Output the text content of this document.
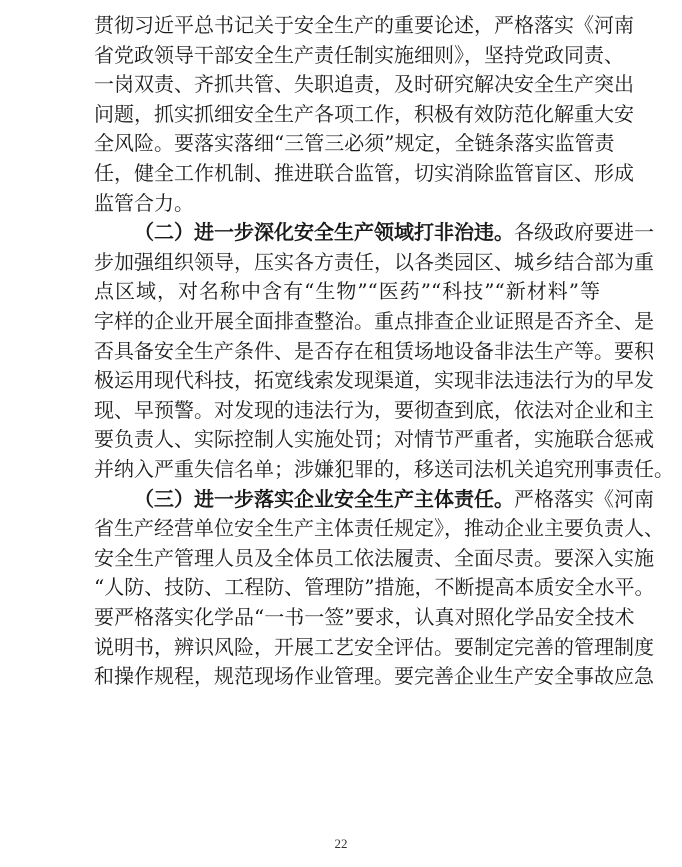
贯彻习近平总书记关于安全生产的重要论述，严格落实《河南
省党政领导干部安全生产责任制实施细则》，坚持党政同责、
一岗双责、齐抓共管、失职追责，及时研究解决安全生产突出
问题，抓实抓细安全生产各项工作，积极有效防范化解重大安
全风险。要落实落细“三管三必须”规定，全链条落实监管责
任，健全工作机制、推进联合监管，切实消除监管盲区、形成
监管合力。
（二）进一步深化安全生产领域打非治违。各级政府要进一
步加强组织领导，压实各方责任，以各类园区、城乡结合部为重
点区域，对名称中含有“生物”“医药”“科技”“新材料”等
字样的企业开展全面排查整治。重点排查企业证照是否齐全、是
否具备安全生产条件、是否存在租赁场地设备非法生产等。要积
极运用现代科技，拓宽线索发现渠道，实现非法违法行为的早发
现、早预警。对发现的违法行为，要彻查到底，依法对企业和主
要负责人、实际控制人实施处罚；对情节严重者，实施联合惩戒
并纳入严重失信名单；涉嫌犯罪的，移送司法机关追究刑事责任。
（三）进一步落实企业安全生产主体责任。严格落实《河南
省生产经营单位安全生产主体责任规定》，推动企业主要负责人、
安全生产管理人员及全体员工依法履责、全面尽责。要深入实施
“人防、技防、工程防、管理防”措施，不断提高本质安全水平。
要严格落实化学品“一书一签”要求，认真对照化学品安全技术
说明书，辨识风险，开展工艺安全评估。要制定完善的管理制度
和操作规程，规范现场作业管理。要完善企业生产安全事故应急
22
